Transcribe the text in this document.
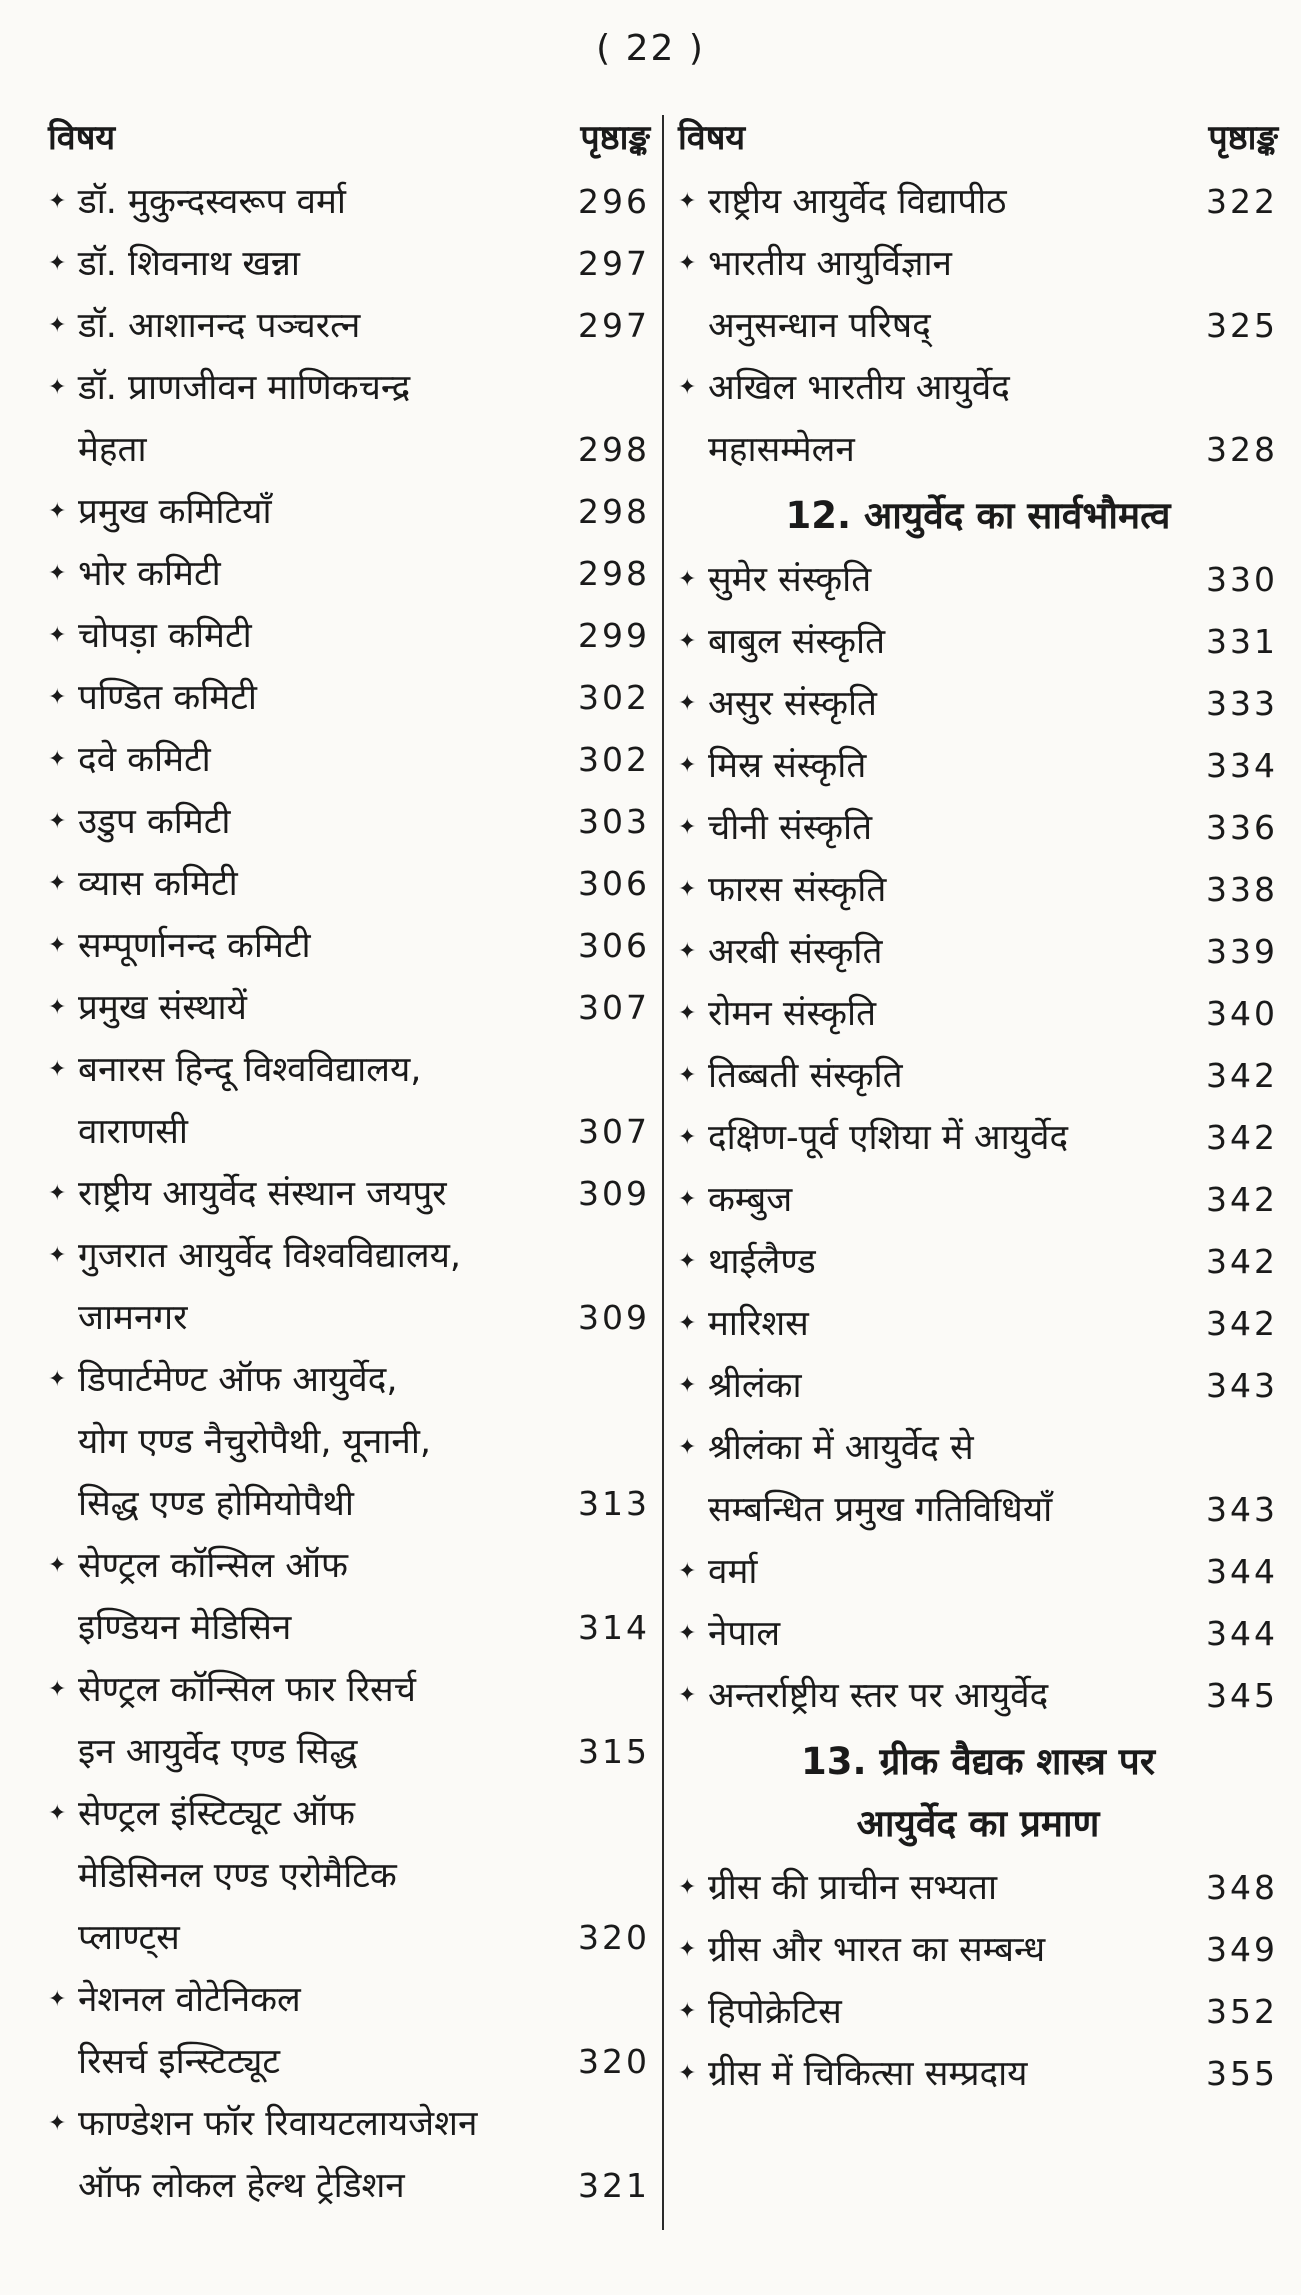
( 22 )
विषय	पृष्ठाङ्क
✦ डॉ. मुकुन्दस्वरूप वर्मा	296
✦ डॉ. शिवनाथ खन्ना	297
✦ डॉ. आशानन्द पञ्चरत्न	297
✦ डॉ. प्राणजीवन माणिकचन्द्र
मेहता	298
✦ प्रमुख कमिटियाँ	298
✦ भोर कमिटी	298
✦ चोपड़ा कमिटी	299
✦ पण्डित कमिटी	302
✦ दवे कमिटी	302
✦ उडुप कमिटी	303
✦ व्यास कमिटी	306
✦ सम्पूर्णानन्द कमिटी	306
✦ प्रमुख संस्थायें	307
✦ बनारस हिन्दू विश्वविद्यालय,
वाराणसी	307
✦ राष्ट्रीय आयुर्वेद संस्थान जयपुर	309
✦ गुजरात आयुर्वेद विश्वविद्यालय,
जामनगर	309
✦ डिपार्टमेण्ट ऑफ आयुर्वेद,
योग एण्ड नैचुरोपैथी, यूनानी,
सिद्ध एण्ड होमियोपैथी	313
✦ सेण्ट्रल कॉन्सिल ऑफ
इण्डियन मेडिसिन	314
✦ सेण्ट्रल कॉन्सिल फार रिसर्च
इन आयुर्वेद एण्ड सिद्ध	315
✦ सेण्ट्रल इंस्टिट्यूट ऑफ
मेडिसिनल एण्ड एरोमैटिक
प्लाण्ट्स	320
✦ नेशनल वोटेनिकल
रिसर्च इन्स्टिट्यूट	320
✦ फाण्डेशन फॉर रिवायटलायजेशन
ऑफ लोकल हेल्थ ट्रेडिशन	321
विषय	पृष्ठाङ्क
✦ राष्ट्रीय आयुर्वेद विद्यापीठ	322
✦ भारतीय आयुर्विज्ञान
अनुसन्धान परिषद्	325
✦ अखिल भारतीय आयुर्वेद
महासम्मेलन	328
12. आयुर्वेद का सार्वभौमत्व
✦ सुमेर संस्कृति	330
✦ बाबुल संस्कृति	331
✦ असुर संस्कृति	333
✦ मिस्र संस्कृति	334
✦ चीनी संस्कृति	336
✦ फारस संस्कृति	338
✦ अरबी संस्कृति	339
✦ रोमन संस्कृति	340
✦ तिब्बती संस्कृति	342
✦ दक्षिण-पूर्व एशिया में आयुर्वेद	342
✦ कम्बुज	342
✦ थाईलैण्ड	342
✦ मारिशस	342
✦ श्रीलंका	343
✦ श्रीलंका में आयुर्वेद से
सम्बन्धित प्रमुख गतिविधियाँ	343
✦ वर्मा	344
✦ नेपाल	344
✦ अन्तर्राष्ट्रीय स्तर पर आयुर्वेद	345
13. ग्रीक वैद्यक शास्त्र पर
आयुर्वेद का प्रमाण
✦ ग्रीस की प्राचीन सभ्यता	348
✦ ग्रीस और भारत का सम्बन्ध	349
✦ हिपोक्रेटिस	352
✦ ग्रीस में चिकित्सा सम्प्रदाय	355
